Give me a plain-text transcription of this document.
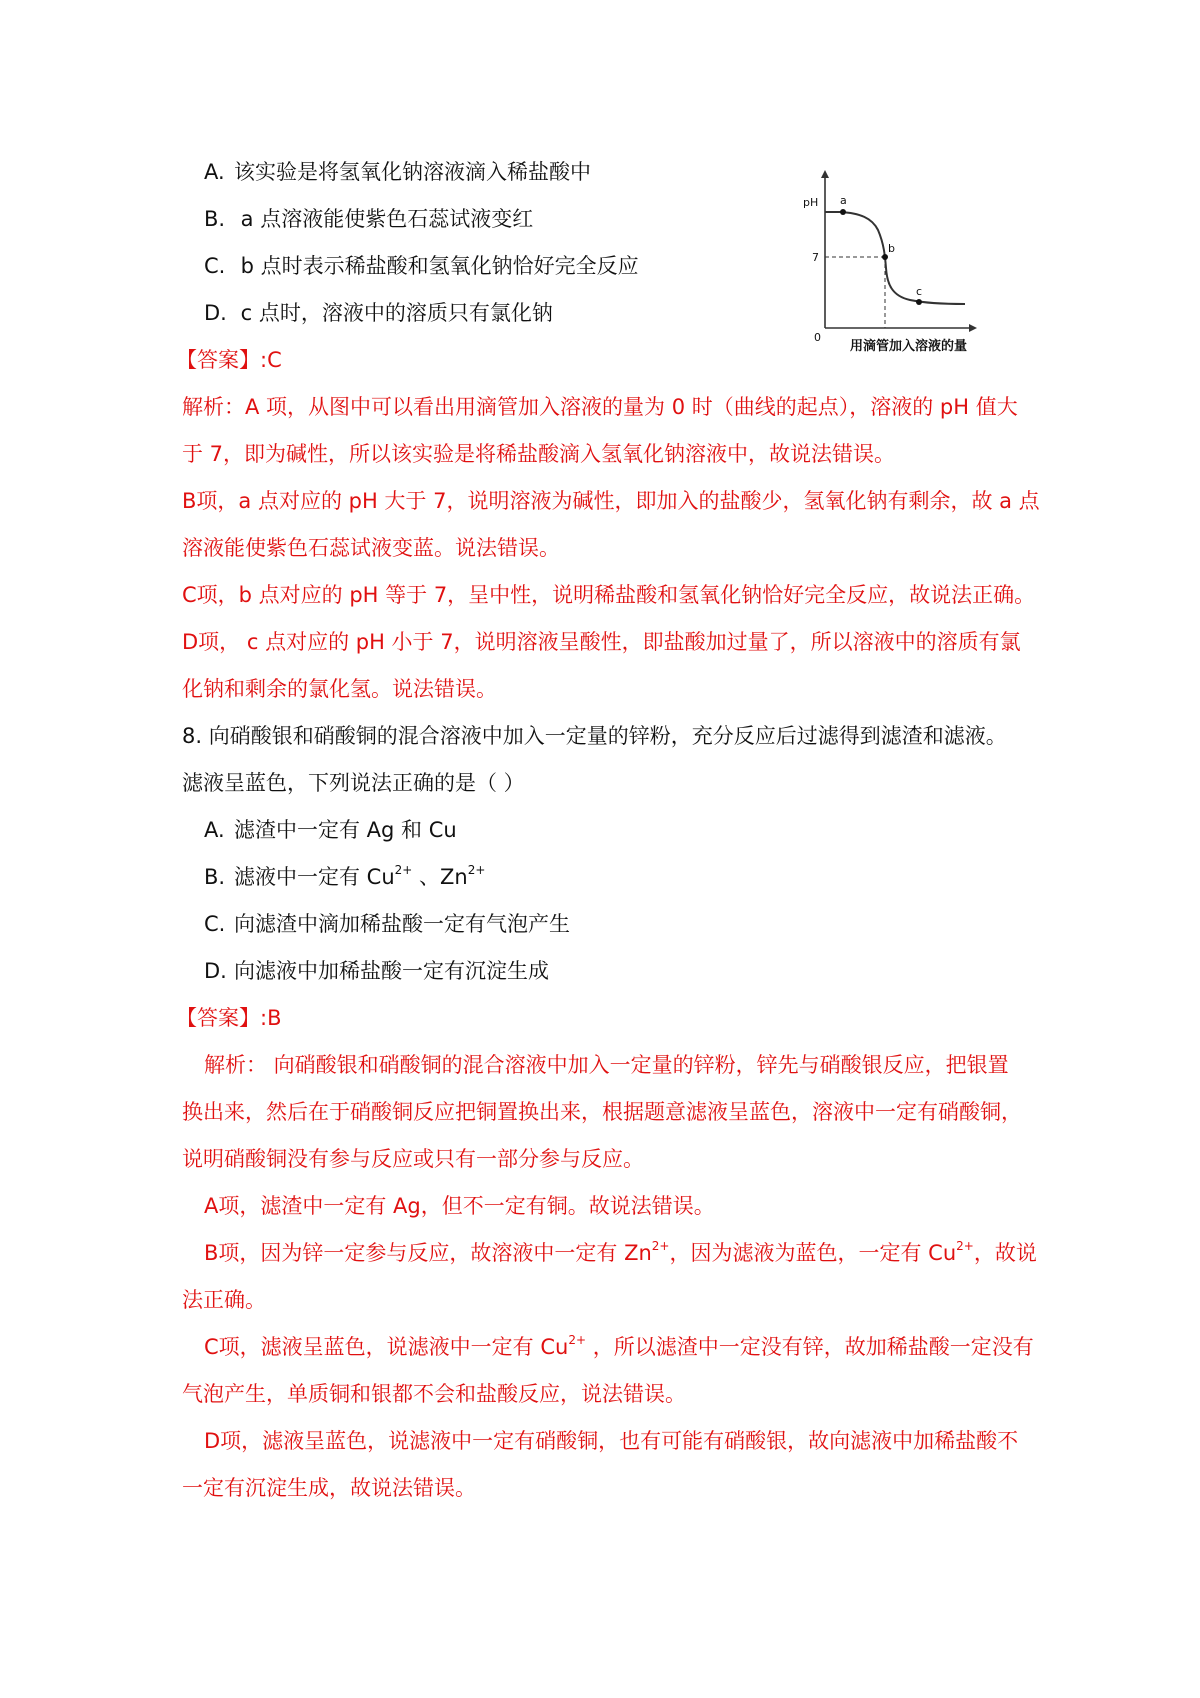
A. 该实验是将氢氧化钠溶液滴入稀盐酸中
B. a 点溶液能使紫色石蕊试液变红
C. b 点时表示稀盐酸和氢氧化钠恰好完全反应
D. c 点时，溶液中的溶质只有氯化钠
pH
7
0
a
b
c
用滴管加入溶液的量
【答案】:C
解析：A 项，从图中可以看出用滴管加入溶液的量为 0 时（曲线的起点），溶液的 pH 值大
于 7，即为碱性，所以该实验是将稀盐酸滴入氢氧化钠溶液中，故说法错误。
B项，a 点对应的 pH 大于 7，说明溶液为碱性，即加入的盐酸少，氢氧化钠有剩余，故 a 点
溶液能使紫色石蕊试液变蓝。说法错误。
C项，b 点对应的 pH 等于 7，呈中性，说明稀盐酸和氢氧化钠恰好完全反应，故说法正确。
D项， c 点对应的 pH 小于 7，说明溶液呈酸性，即盐酸加过量了，所以溶液中的溶质有氯
化钠和剩余的氯化氢。说法错误。
8. 向硝酸银和硝酸铜的混合溶液中加入一定量的锌粉，充分反应后过滤得到滤渣和滤液。
滤液呈蓝色，下列说法正确的是（ ）
A. 滤渣中一定有 Ag 和 Cu
B. 滤液中一定有 $Cu^{2+}$ 、$Zn^{2+}$
C. 向滤渣中滴加稀盐酸一定有气泡产生
D. 向滤液中加稀盐酸一定有沉淀生成
【答案】:B
解析： 向硝酸银和硝酸铜的混合溶液中加入一定量的锌粉，锌先与硝酸银反应，把银置
换出来，然后在于硝酸铜反应把铜置换出来，根据题意滤液呈蓝色，溶液中一定有硝酸铜，
说明硝酸铜没有参与反应或只有一部分参与反应。
A项，滤渣中一定有 Ag，但不一定有铜。故说法错误。
B项，因为锌一定参与反应，故溶液中一定有 $Zn^{2+}$，因为滤液为蓝色，一定有 $Cu^{2+}$，故说
法正确。
C项，滤液呈蓝色，说滤液中一定有 $Cu^{2+}$ ，所以滤渣中一定没有锌，故加稀盐酸一定没有
气泡产生，单质铜和银都不会和盐酸反应，说法错误。
D项，滤液呈蓝色，说滤液中一定有硝酸铜，也有可能有硝酸银，故向滤液中加稀盐酸不
一定有沉淀生成，故说法错误。
